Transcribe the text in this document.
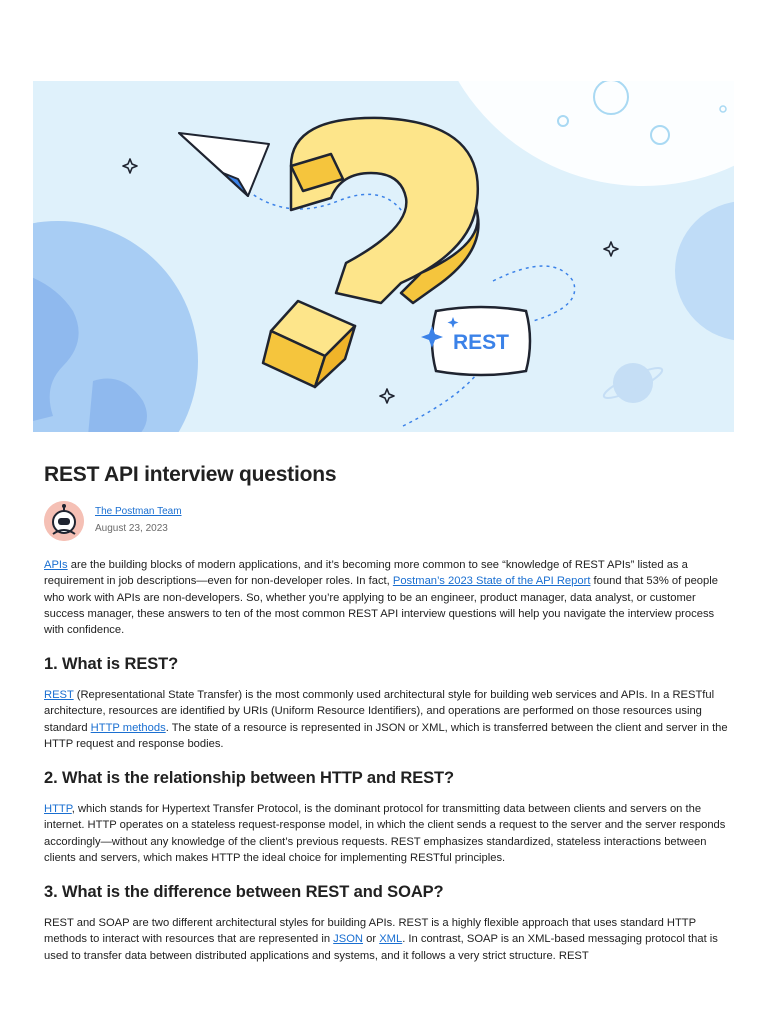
REST
REST API interview questions
The Postman Team
August 23, 2023

APIs are the building blocks of modern applications, and it’s becoming more common to see “knowledge of REST APIs” listed as a requirement in job descriptions—even for non-developer roles. In fact, Postman’s 2023 State of the API Report found that 53% of people who work with APIs are non-developers. So, whether you’re applying to be an engineer, product manager, data analyst, or customer success manager, these answers to ten of the most common REST API interview questions will help you navigate the interview process with confidence.

1. What is REST?

REST (Representational State Transfer) is the most commonly used architectural style for building web services and APIs. In a RESTful architecture, resources are identified by URIs (Uniform Resource Identifiers), and operations are performed on those resources using standard HTTP methods. The state of a resource is represented in JSON or XML, which is transferred between the client and server in the HTTP request and response bodies.

2. What is the relationship between HTTP and REST?

HTTP, which stands for Hypertext Transfer Protocol, is the dominant protocol for transmitting data between clients and servers on the internet. HTTP operates on a stateless request-response model, in which the client sends a request to the server and the server responds accordingly—without any knowledge of the client’s previous requests. REST emphasizes standardized, stateless interactions between clients and servers, which makes HTTP the ideal choice for implementing RESTful principles.

3. What is the difference between REST and SOAP?

REST and SOAP are two different architectural styles for building APIs. REST is a highly flexible approach that uses standard HTTP methods to interact with resources that are represented in JSON or XML. In contrast, SOAP is an XML-based messaging protocol that is used to transfer data between distributed applications and systems, and it follows a very strict structure. REST
